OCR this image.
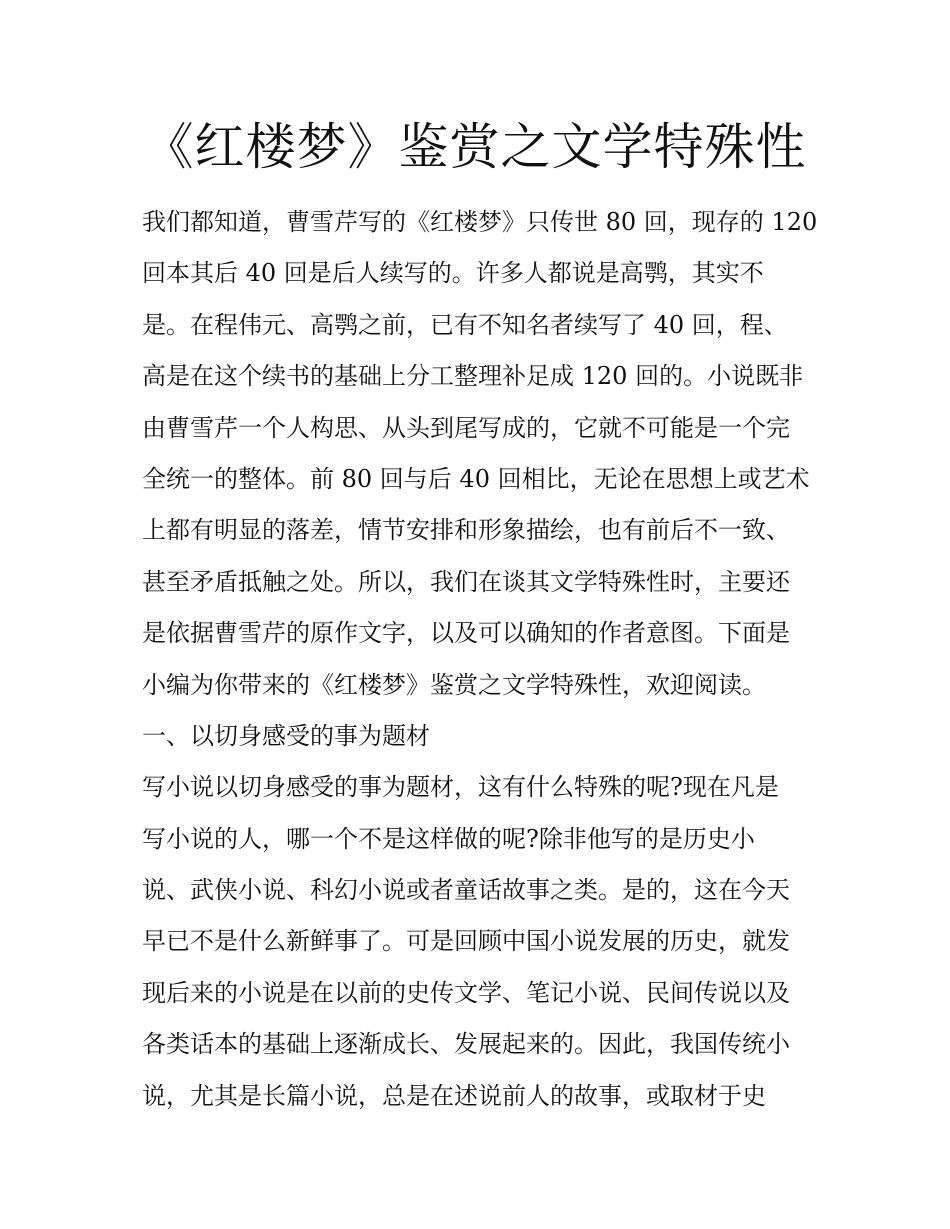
《红楼梦》鉴赏之文学特殊性
我们都知道，曹雪芹写的《红楼梦》只传世 80 回，现存的 120
回本其后 40 回是后人续写的。许多人都说是高鹗，其实不
是。在程伟元、高鹗之前，已有不知名者续写了 40 回，程、
高是在这个续书的基础上分工整理补足成 120 回的。小说既非
由曹雪芹一个人构思、从头到尾写成的，它就不可能是一个完
全统一的整体。前 80 回与后 40 回相比，无论在思想上或艺术
上都有明显的落差，情节安排和形象描绘，也有前后不一致、
甚至矛盾抵触之处。所以，我们在谈其文学特殊性时，主要还
是依据曹雪芹的原作文字，以及可以确知的作者意图。下面是
小编为你带来的《红楼梦》鉴赏之文学特殊性，欢迎阅读。
一、以切身感受的事为题材
写小说以切身感受的事为题材，这有什么特殊的呢?现在凡是
写小说的人，哪一个不是这样做的呢?除非他写的是历史小
说、武侠小说、科幻小说或者童话故事之类。是的，这在今天
早已不是什么新鲜事了。可是回顾中国小说发展的历史，就发
现后来的小说是在以前的史传文学、笔记小说、民间传说以及
各类话本的基础上逐渐成长、发展起来的。因此，我国传统小
说，尤其是长篇小说，总是在述说前人的故事，或取材于史
